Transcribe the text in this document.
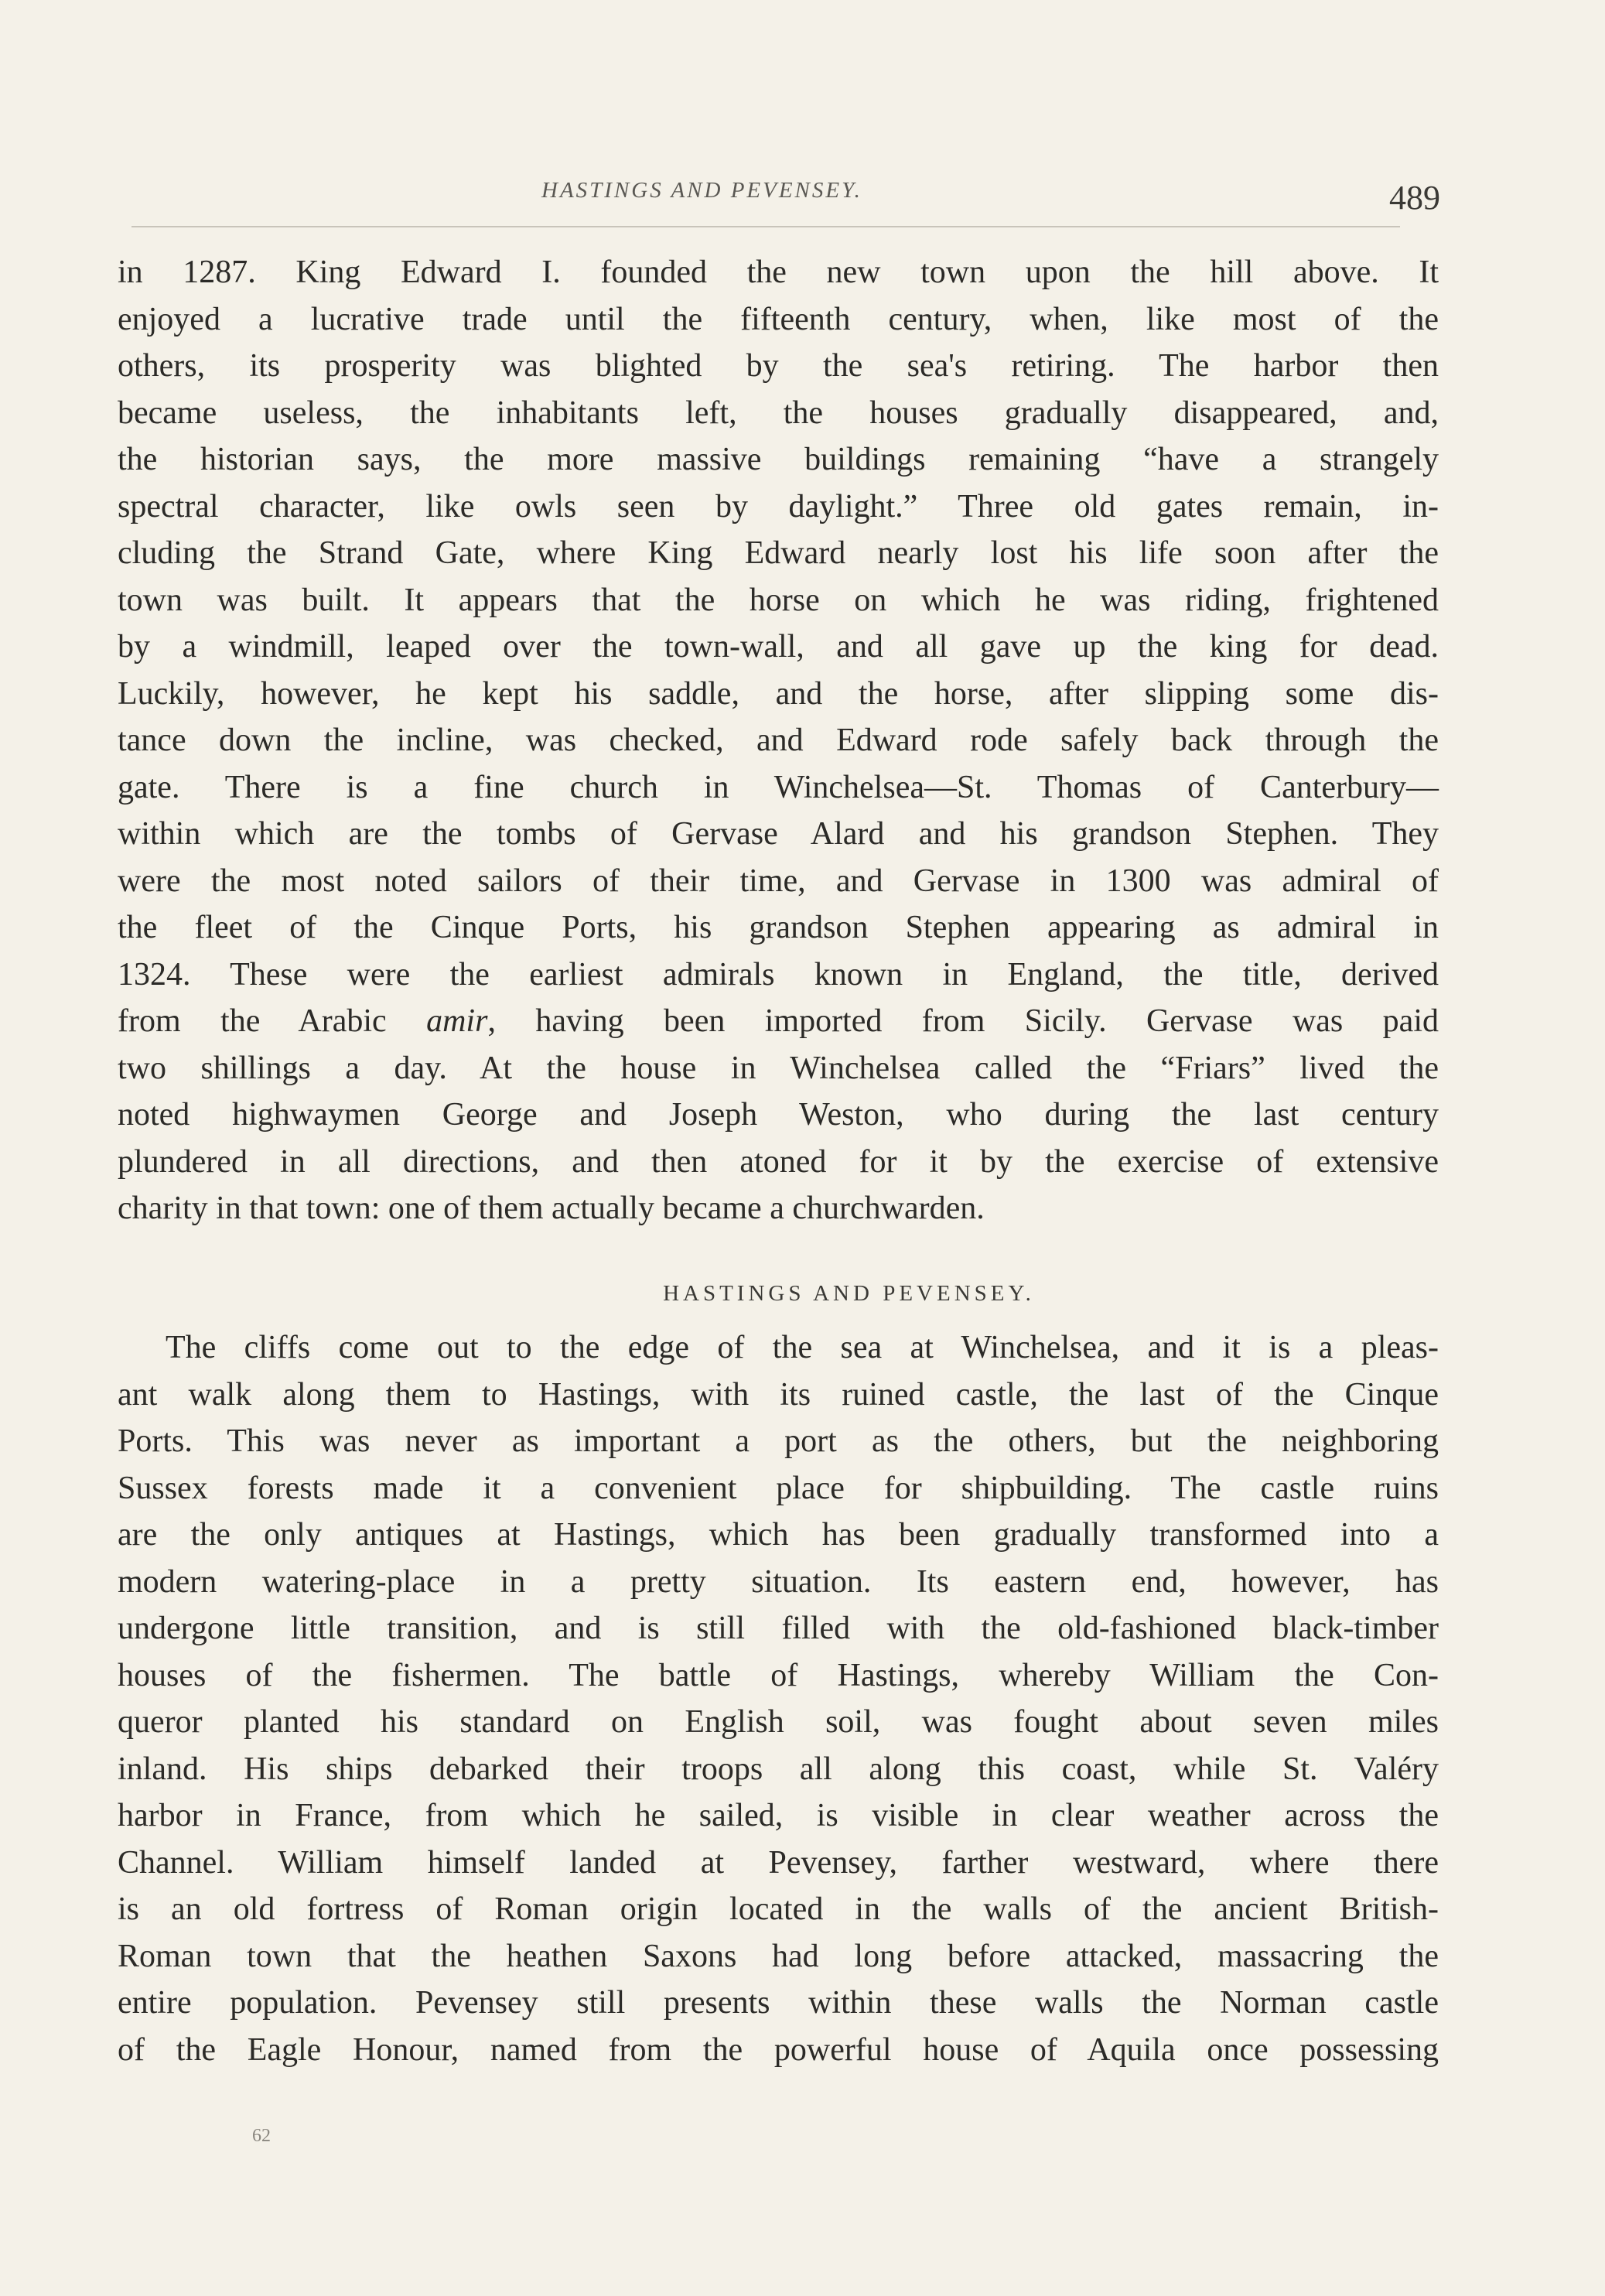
HASTINGS AND PEVENSEY.	489
in 1287. King Edward I. founded the new town upon the hill above. It
enjoyed a lucrative trade until the fifteenth century, when, like most of the
others, its prosperity was blighted by the sea's retiring. The harbor then
became useless, the inhabitants left, the houses gradually disappeared, and,
the historian says, the more massive buildings remaining “have a strangely
spectral character, like owls seen by daylight.” Three old gates remain, in-
cluding the Strand Gate, where King Edward nearly lost his life soon after the
town was built. It appears that the horse on which he was riding, frightened
by a windmill, leaped over the town-wall, and all gave up the king for dead.
Luckily, however, he kept his saddle, and the horse, after slipping some dis-
tance down the incline, was checked, and Edward rode safely back through the
gate. There is a fine church in Winchelsea—St. Thomas of Canterbury—
within which are the tombs of Gervase Alard and his grandson Stephen. They
were the most noted sailors of their time, and Gervase in 1300 was admiral of
the fleet of the Cinque Ports, his grandson Stephen appearing as admiral in
1324. These were the earliest admirals known in England, the title, derived
from the Arabic amir, having been imported from Sicily. Gervase was paid
two shillings a day. At the house in Winchelsea called the “Friars” lived the
noted highwaymen George and Joseph Weston, who during the last century
plundered in all directions, and then atoned for it by the exercise of extensive
charity in that town: one of them actually became a churchwarden.
HASTINGS AND PEVENSEY.
The cliffs come out to the edge of the sea at Winchelsea, and it is a pleas-
ant walk along them to Hastings, with its ruined castle, the last of the Cinque
Ports. This was never as important a port as the others, but the neighboring
Sussex forests made it a convenient place for shipbuilding. The castle ruins
are the only antiques at Hastings, which has been gradually transformed into a
modern watering-place in a pretty situation. Its eastern end, however, has
undergone little transition, and is still filled with the old-fashioned black-timber
houses of the fishermen. The battle of Hastings, whereby William the Con-
queror planted his standard on English soil, was fought about seven miles
inland. His ships debarked their troops all along this coast, while St. Valéry
harbor in France, from which he sailed, is visible in clear weather across the
Channel. William himself landed at Pevensey, farther westward, where there
is an old fortress of Roman origin located in the walls of the ancient British-
Roman town that the heathen Saxons had long before attacked, massacring the
entire population. Pevensey still presents within these walls the Norman castle
of the Eagle Honour, named from the powerful house of Aquila once possessing
62
